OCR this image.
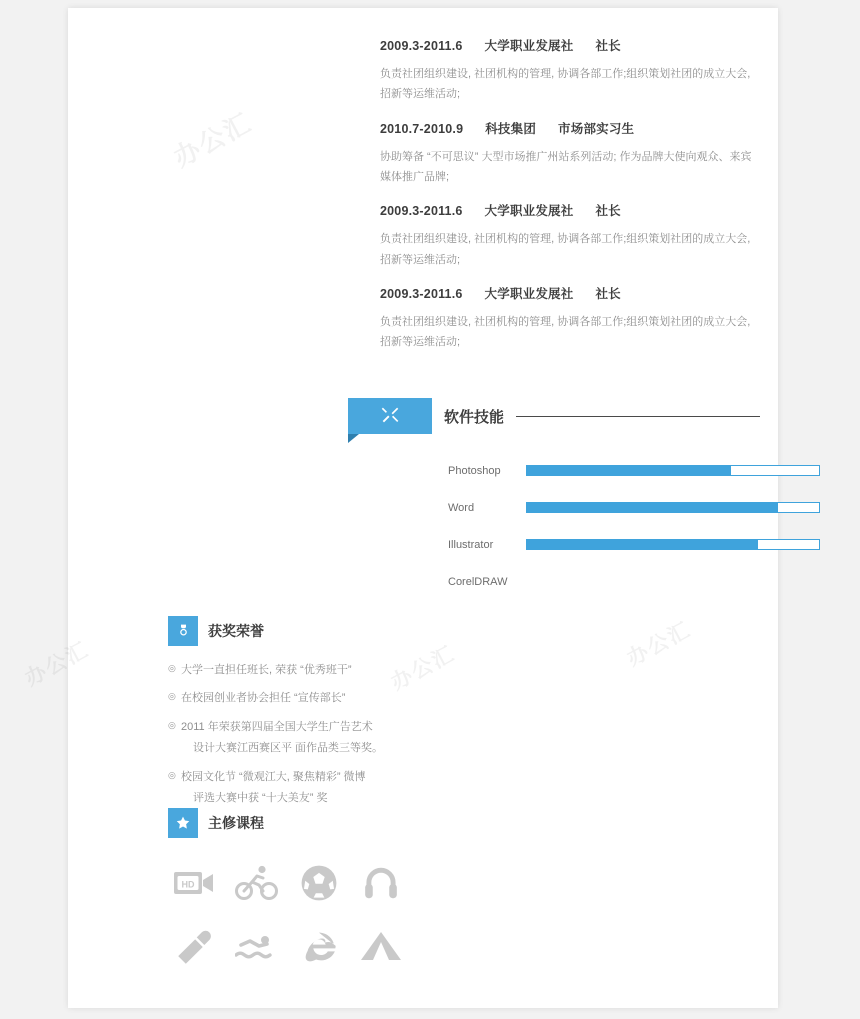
2009.3-2011.6 大学职业发展社 社长
负责社团组织建设, 社团机构的管理, 协调各部工作;组织策划社团的成立大会, 招新等运维活动;
2010.7-2010.9 科技集团 市场部实习生
协助筹备 “不可思议” 大型市场推广州站系列活动; 作为品牌大使向观众、来宾媒体推广品牌;
2009.3-2011.6 大学职业发展社 社长
负责社团组织建设, 社团机构的管理, 协调各部工作;组织策划社团的成立大会, 招新等运维活动;
2009.3-2011.6 大学职业发展社 社长
负责社团组织建设, 社团机构的管理, 协调各部工作;组织策划社团的成立大会, 招新等运维活动;
软件技能
Photoshop
Word
Illustrator
CorelDRAW
获奖荣誉
◎ 大学一直担任班长, 荣获 “优秀班干”
◎ 在校园创业者协会担任 “宣传部长”
◎ 2011 年荣获第四届全国大学生广告艺术
设计大赛江西赛区平 面作品类三等奖。
◎ 校园文化节 “微观江大, 聚焦精彩” 微博
评选大赛中获 “十大美友” 奖
主修课程
HD
办公汇
办公汇	办公汇
办公汇
